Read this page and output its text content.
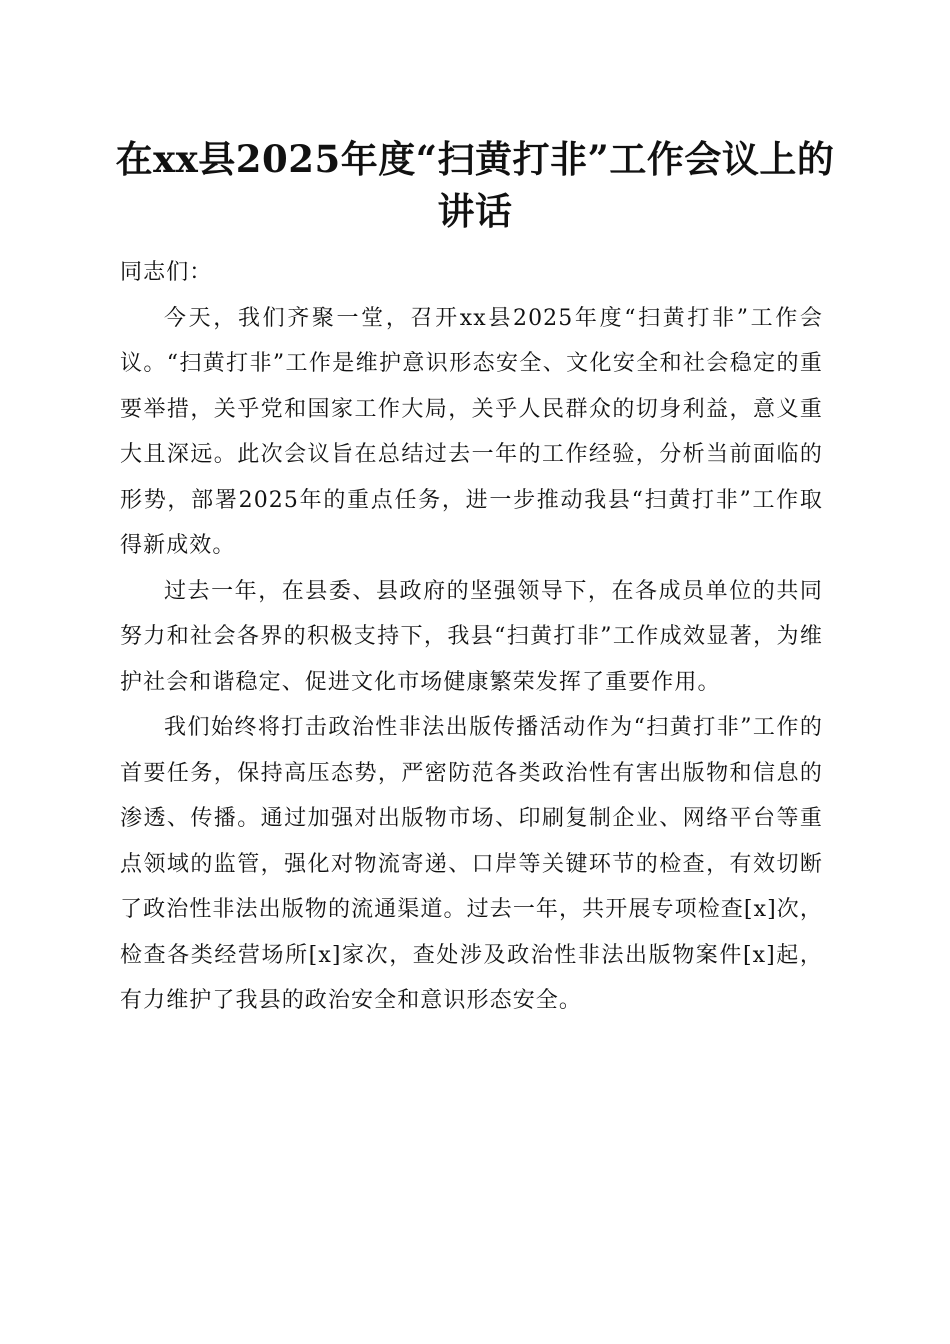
在xx县2025年度“扫黄打非”工作会议上的
讲话

同志们：

今天，我们齐聚一堂，召开xx县2025年度“扫黄打非”工作会议。“扫黄打非”工作是维护意识形态安全、文化安全和社会稳定的重要举措，关乎党和国家工作大局，关乎人民群众的切身利益，意义重大且深远。此次会议旨在总结过去一年的工作经验，分析当前面临的形势，部署2025年的重点任务，进一步推动我县“扫黄打非”工作取得新成效。

过去一年，在县委、县政府的坚强领导下，在各成员单位的共同努力和社会各界的积极支持下，我县“扫黄打非”工作成效显著，为维护社会和谐稳定、促进文化市场健康繁荣发挥了重要作用。

我们始终将打击政治性非法出版传播活动作为“扫黄打非”工作的首要任务，保持高压态势，严密防范各类政治性有害出版物和信息的渗透、传播。通过加强对出版物市场、印刷复制企业、网络平台等重点领域的监管，强化对物流寄递、口岸等关键环节的检查，有效切断了政治性非法出版物的流通渠道。过去一年，共开展专项检查[x]次，检查各类经营场所[x]家次，查处涉及政治性非法出版物案件[x]起，有力维护了我县的政治安全和意识形态安全。
